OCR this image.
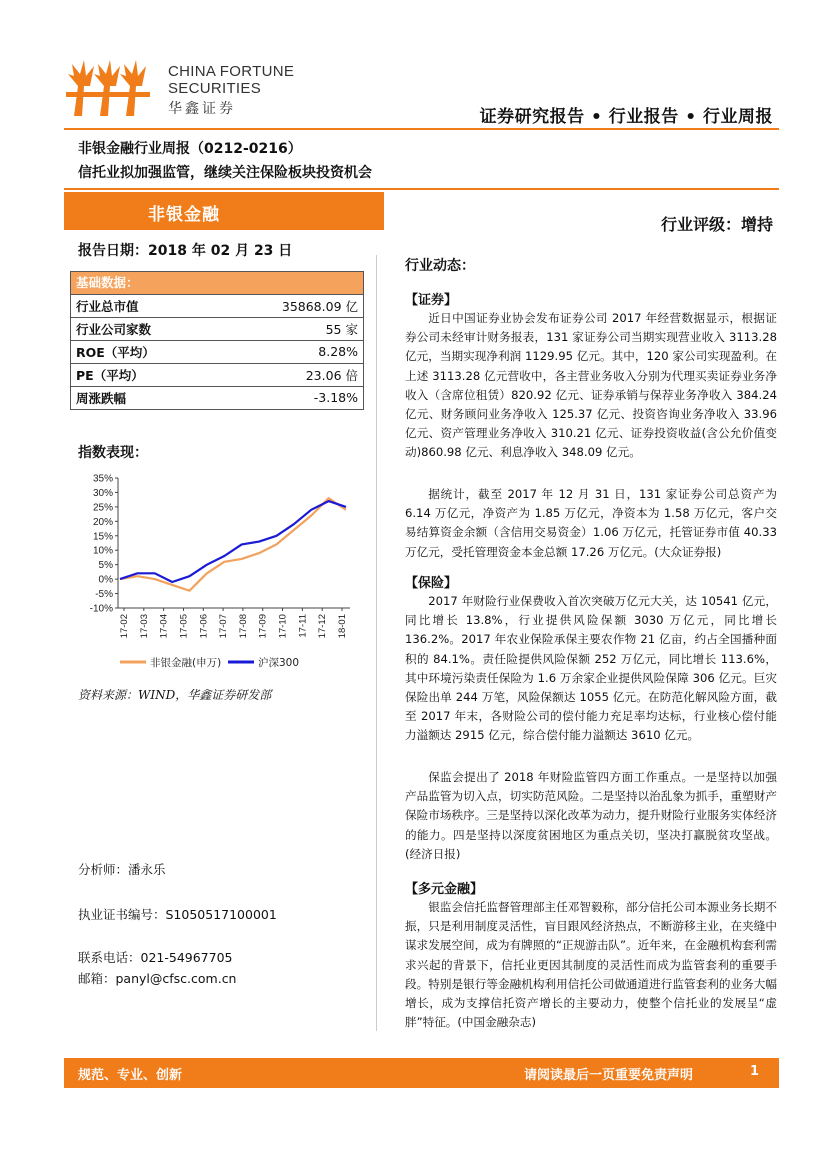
CHINA FORTUNE
SECURITIES
华鑫证券	证券研究报告 • 行业报告 • 行业周报
非银金融行业周报（0212-0216）
信托业拟加强监管，继续关注保险板块投资机会
非银金融	行业评级：增持
报告日期：2018 年 02 月 23 日
基础数据：	
行业总市值	35868.09 亿
行业公司家数	55 家
ROE（平均）	8.28%
PE（平均）	23.06 倍
周涨跌幅	-3.18%
指数表现：
35%
30%
25%
20%
15%
10%
5%
0%
-5%
-10%
17-02 17-03 17-04 17-05 17-06 17-07 17-08 17-09 17-10 17-11 17-12 18-01
非银金融(申万)	沪深300
资料来源：WIND，华鑫证券研发部
分析师：潘永乐
执业证书编号：S1050517100001
联系电话：021-54967705
邮箱：panyl@cfsc.com.cn
行业动态：
【证券】
近日中国证券业协会发布证券公司 2017 年经营数据显示，根据证券公司未经审计财务报表，131 家证券公司当期实现营业收入 3113.28 亿元，当期实现净利润 1129.95 亿元。其中，120 家公司实现盈利。在上述 3113.28 亿元营收中，各主营业务收入分别为代理买卖证券业务净收入（含席位租赁）820.92 亿元、证券承销与保荐业务净收入 384.24 亿元、财务顾问业务净收入 125.37 亿元、投资咨询业务净收入 33.96 亿元、资产管理业务净收入 310.21 亿元、证券投资收益(含公允价值变动)860.98 亿元、利息净收入 348.09 亿元。
据统计，截至 2017 年 12 月 31 日，131 家证券公司总资产为 6.14 万亿元，净资产为 1.85 万亿元，净资本为 1.58 万亿元，客户交易结算资金余额（含信用交易资金）1.06 万亿元，托管证券市值 40.33 万亿元，受托管理资金本金总额 17.26 万亿元。(大众证券报)
【保险】
2017 年财险行业保费收入首次突破万亿元大关，达 10541 亿元，同比增长 13.8%，行业提供风险保额 3030 万亿元，同比增长 136.2%。2017 年农业保险承保主要农作物 21 亿亩，约占全国播种面积的 84.1%。责任险提供风险保额 252 万亿元，同比增长 113.6%，其中环境污染责任保险为 1.6 万余家企业提供风险保障 306 亿元。巨灾保险出单 244 万笔，风险保额达 1055 亿元。在防范化解风险方面，截至 2017 年末，各财险公司的偿付能力充足率均达标，行业核心偿付能力溢额达 2915 亿元，综合偿付能力溢额达 3610 亿元。
保监会提出了 2018 年财险监管四方面工作重点。一是坚持以加强产品监管为切入点，切实防范风险。二是坚持以治乱象为抓手，重塑财产保险市场秩序。三是坚持以深化改革为动力，提升财险行业服务实体经济的能力。四是坚持以深度贫困地区为重点关切，坚决打赢脱贫攻坚战。(经济日报)
【多元金融】
银监会信托监督管理部主任邓智毅称，部分信托公司本源业务长期不振，只是利用制度灵活性，盲目跟风经济热点，不断游移主业，在夹缝中谋求发展空间，成为有牌照的“正规游击队”。近年来，在金融机构套利需求兴起的背景下，信托业更因其制度的灵活性而成为监管套利的重要手段。特别是银行等金融机构利用信托公司做通道进行监管套利的业务大幅增长，成为支撑信托资产增长的主要动力，使整个信托业的发展呈“虚胖”特征。(中国金融杂志)
规范、专业、创新	请阅读最后一页重要免责声明	1
